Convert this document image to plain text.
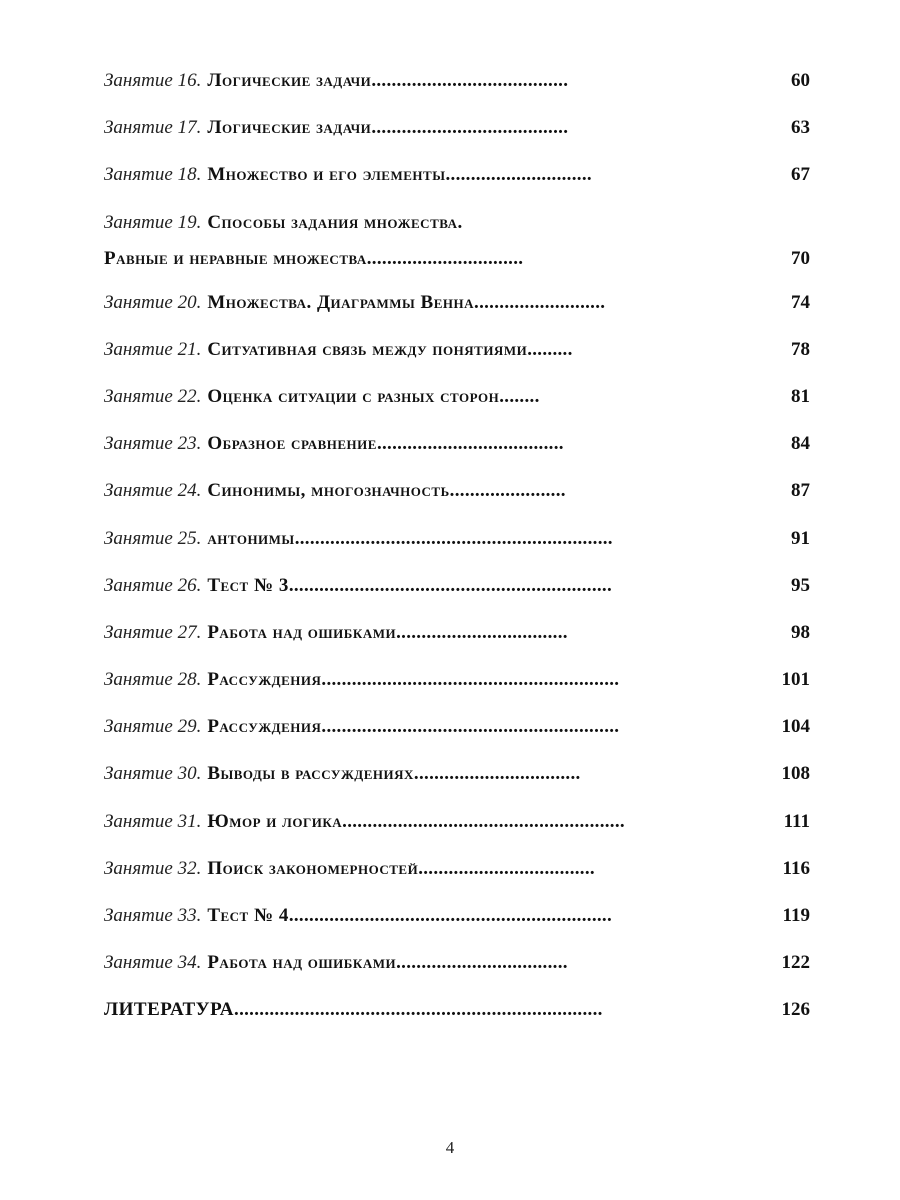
Занятие 16. Логические задачи.......................................	60
Занятие 17. Логические задачи.......................................	63
Занятие 18. Множество и его элементы.............................	67
Занятие 19. Способы задания множества.
Равные и неравные множества...............................	70
Занятие 20. Множества. Диаграммы Венна..........................	74
Занятие 21. Ситуативная связь между понятиями.........	78
Занятие 22. Оценка ситуации с разных сторон........	81
Занятие 23. Образное сравнение.....................................	84
Занятие 24. Синонимы, многозначность.......................	87
Занятие 25. антонимы...............................................................	91
Занятие 26. Тест № 3................................................................	95
Занятие 27. Работа над ошибками..................................	98
Занятие 28. Рассуждения...........................................................	101
Занятие 29. Рассуждения...........................................................	104
Занятие 30. Выводы в рассуждениях.................................	108
Занятие 31. Юмор и логика........................................................	111
Занятие 32. Поиск закономерностей...................................	116
Занятие 33. Тест № 4................................................................	119
Занятие 34. Работа над ошибками..................................	122
ЛИТЕРАТУРА.........................................................................	126
4
